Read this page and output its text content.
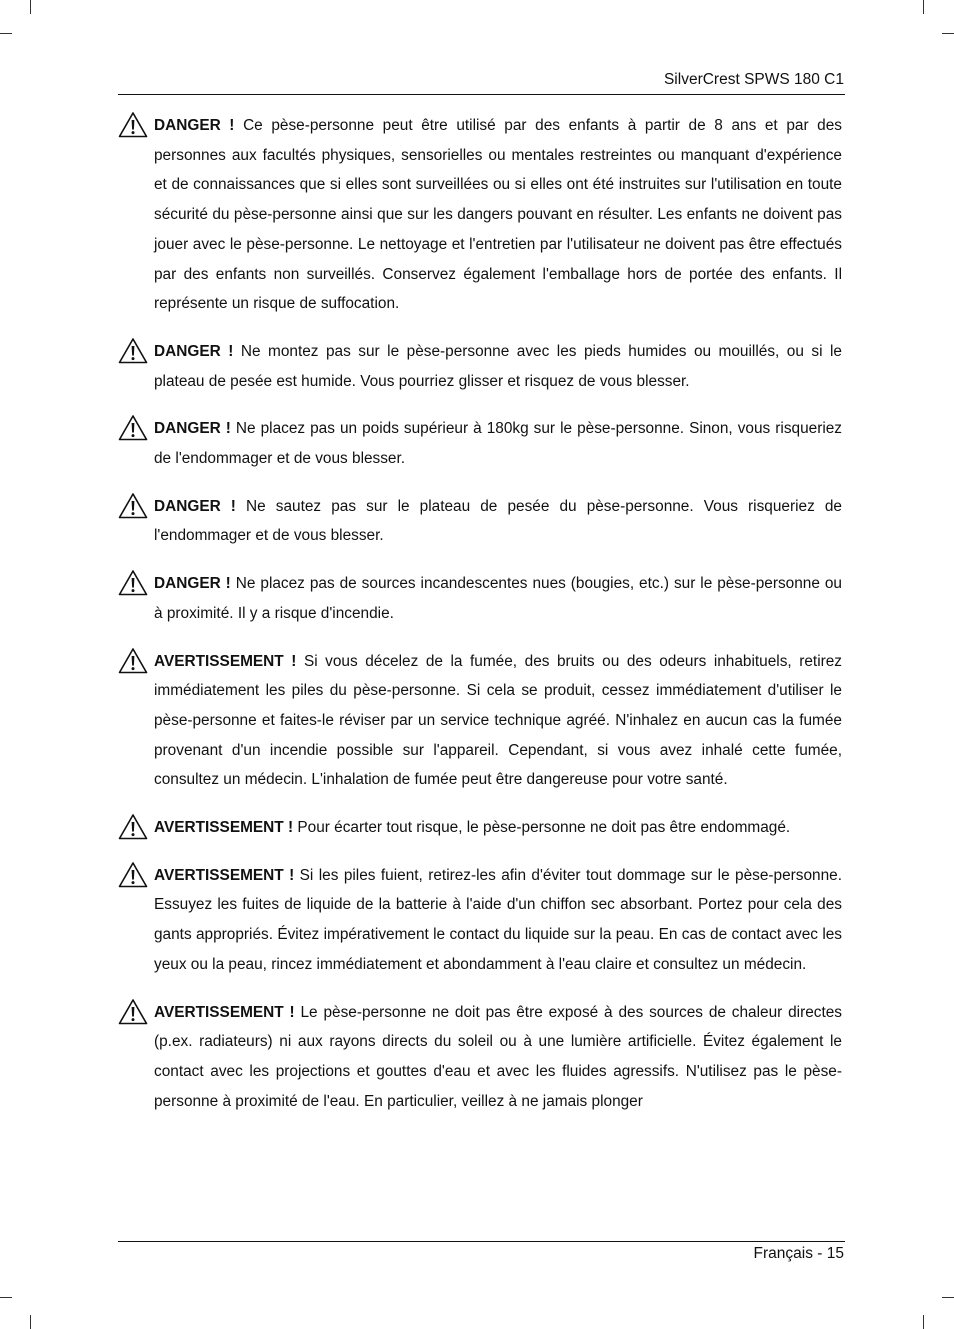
SilverCrest SPWS 180 C1
DANGER ! Ce pèse-personne peut être utilisé par des enfants à partir de 8 ans et par des personnes aux facultés physiques, sensorielles ou mentales restreintes ou manquant d'expérience et de connaissances que si elles sont surveillées ou si elles ont été instruites sur l'utilisation en toute sécurité du pèse-personne ainsi que sur les dangers pouvant en résulter. Les enfants ne doivent pas jouer avec le pèse-personne. Le nettoyage et l'entretien par l'utilisateur ne doivent pas être effectués par des enfants non surveillés. Conservez également l'emballage hors de portée des enfants. Il représente un risque de suffocation.
DANGER ! Ne montez pas sur le pèse-personne avec les pieds humides ou mouillés, ou si le plateau de pesée est humide. Vous pourriez glisser et risquez de vous blesser.
DANGER ! Ne placez pas un poids supérieur à 180kg sur le pèse-personne. Sinon, vous risqueriez de l'endommager et de vous blesser.
DANGER ! Ne sautez pas sur le plateau de pesée du pèse-personne. Vous risqueriez de l'endommager et de vous blesser.
DANGER ! Ne placez pas de sources incandescentes nues (bougies, etc.) sur le pèse-personne ou à proximité. Il y a risque d'incendie.
AVERTISSEMENT ! Si vous décelez de la fumée, des bruits ou des odeurs inhabituels, retirez immédiatement les piles du pèse-personne. Si cela se produit, cessez immédiatement d'utiliser le pèse-personne et faites-le réviser par un service technique agréé. N'inhalez en aucun cas la fumée provenant d'un incendie possible sur l'appareil. Cependant, si vous avez inhalé cette fumée, consultez un médecin. L'inhalation de fumée peut être dangereuse pour votre santé.
AVERTISSEMENT ! Pour écarter tout risque, le pèse-personne ne doit pas être endommagé.
AVERTISSEMENT ! Si les piles fuient, retirez-les afin d'éviter tout dommage sur le pèse-personne. Essuyez les fuites de liquide de la batterie à l'aide d'un chiffon sec absorbant. Portez pour cela des gants appropriés. Évitez impérativement le contact du liquide sur la peau. En cas de contact avec les yeux ou la peau, rincez immédiatement et abondamment à l'eau claire et consultez un médecin.
AVERTISSEMENT ! Le pèse-personne ne doit pas être exposé à des sources de chaleur directes (p.ex. radiateurs) ni aux rayons directs du soleil ou à une lumière artificielle. Évitez également le contact avec les projections et gouttes d'eau et avec les fluides agressifs. N'utilisez pas le pèse-personne à proximité de l'eau. En particulier, veillez à ne jamais plonger
Français - 15
